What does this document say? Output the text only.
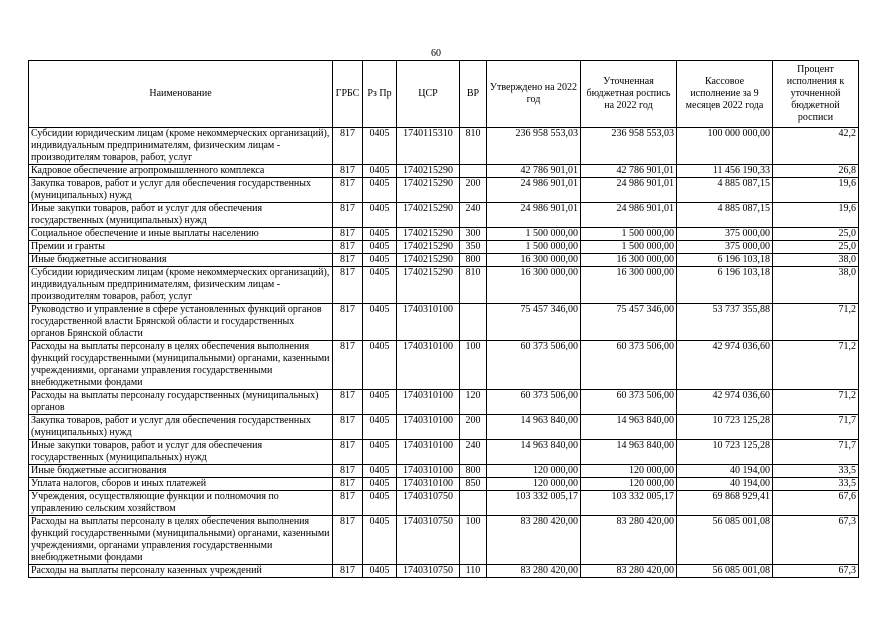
60
Наименование	ГРБС	Рз Пр	ЦСР	ВР	Утверждено на 2022 год	Уточненная бюджетная роспись на 2022 год	Кассовое исполнение за 9 месяцев 2022 года	Процент исполнения к уточненной бюджетной росписи
Субсидии юридическим лицам (кроме некоммерческих организаций), индивидуальным предпринимателям, физическим лицам - производителям товаров, работ, услуг	817	0405	1740115310	810	236 958 553,03	236 958 553,03	100 000 000,00	42,2
Кадровое обеспечение агропромышленного комплекса	817	0405	1740215290		42 786 901,01	42 786 901,01	11 456 190,33	26,8
Закупка товаров, работ и услуг для обеспечения государственных (муниципальных) нужд	817	0405	1740215290	200	24 986 901,01	24 986 901,01	4 885 087,15	19,6
Иные закупки товаров, работ и услуг для обеспечения государственных (муниципальных) нужд	817	0405	1740215290	240	24 986 901,01	24 986 901,01	4 885 087,15	19,6
Социальное обеспечение и иные выплаты населению	817	0405	1740215290	300	1 500 000,00	1 500 000,00	375 000,00	25,0
Премии и гранты	817	0405	1740215290	350	1 500 000,00	1 500 000,00	375 000,00	25,0
Иные бюджетные ассигнования	817	0405	1740215290	800	16 300 000,00	16 300 000,00	6 196 103,18	38,0
Субсидии юридическим лицам (кроме некоммерческих организаций), индивидуальным предпринимателям, физическим лицам - производителям товаров, работ, услуг	817	0405	1740215290	810	16 300 000,00	16 300 000,00	6 196 103,18	38,0
Руководство и управление в сфере установленных функций органов государственной власти Брянской области и государственных органов Брянской области	817	0405	1740310100		75 457 346,00	75 457 346,00	53 737 355,88	71,2
Расходы на выплаты персоналу в целях обеспечения выполнения функций государственными (муниципальными) органами, казенными учреждениями, органами управления государственными внебюджетными фондами	817	0405	1740310100	100	60 373 506,00	60 373 506,00	42 974 036,60	71,2
Расходы на выплаты персоналу государственных (муниципальных) органов	817	0405	1740310100	120	60 373 506,00	60 373 506,00	42 974 036,60	71,2
Закупка товаров, работ и услуг для обеспечения государственных (муниципальных) нужд	817	0405	1740310100	200	14 963 840,00	14 963 840,00	10 723 125,28	71,7
Иные закупки товаров, работ и услуг для обеспечения государственных (муниципальных) нужд	817	0405	1740310100	240	14 963 840,00	14 963 840,00	10 723 125,28	71,7
Иные бюджетные ассигнования	817	0405	1740310100	800	120 000,00	120 000,00	40 194,00	33,5
Уплата налогов, сборов и иных платежей	817	0405	1740310100	850	120 000,00	120 000,00	40 194,00	33,5
Учреждения, осуществляющие функции и полномочия по управлению сельским хозяйством	817	0405	1740310750		103 332 005,17	103 332 005,17	69 868 929,41	67,6
Расходы на выплаты персоналу в целях обеспечения выполнения функций государственными (муниципальными) органами, казенными учреждениями, органами управления государственными внебюджетными фондами	817	0405	1740310750	100	83 280 420,00	83 280 420,00	56 085 001,08	67,3
Расходы на выплаты персоналу казенных учреждений	817	0405	1740310750	110	83 280 420,00	83 280 420,00	56 085 001,08	67,3
